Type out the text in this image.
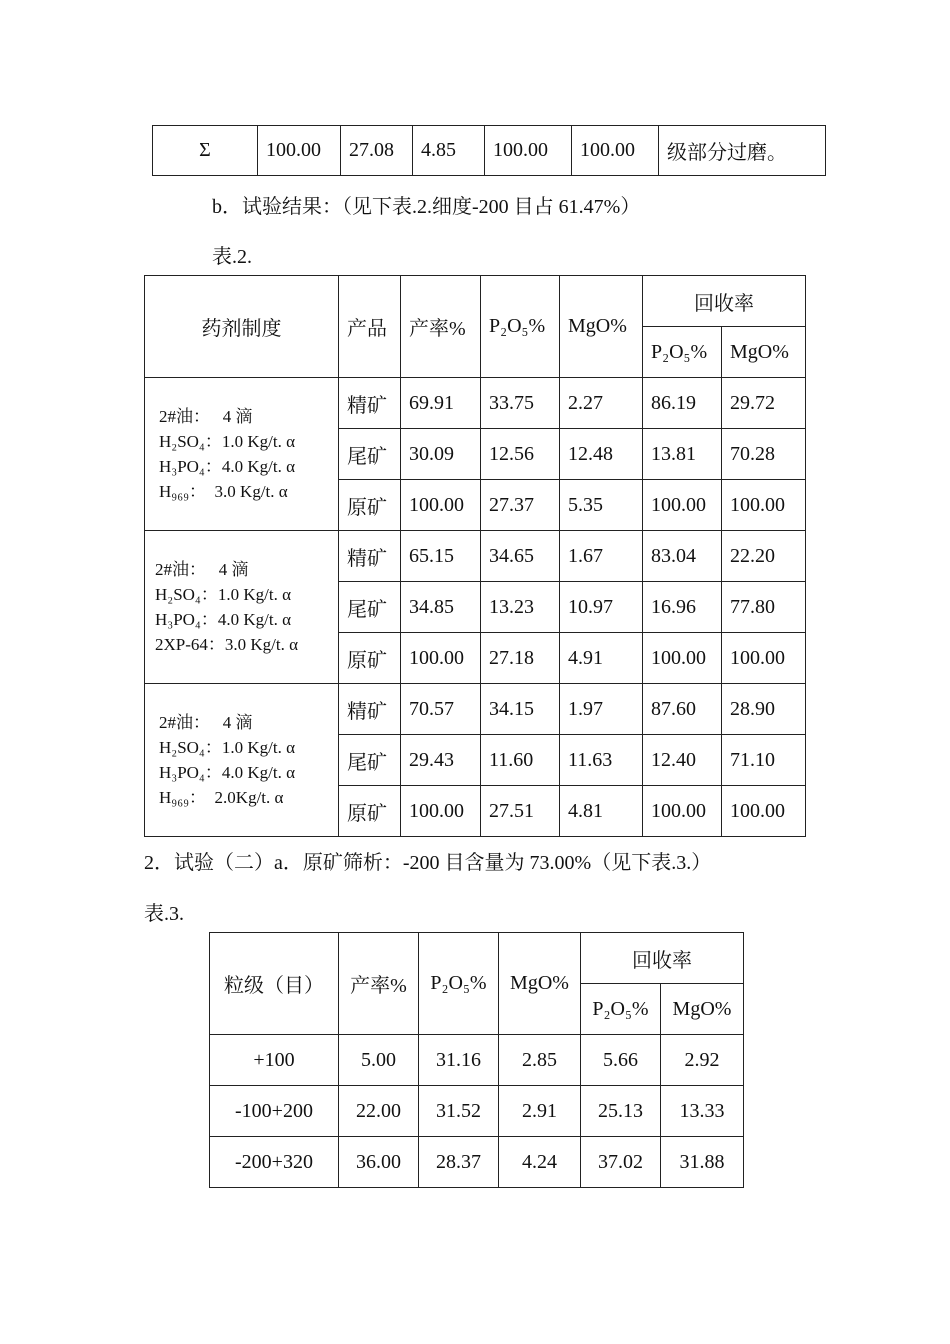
Σ	100.00	27.08	4.85	100.00	100.00	级部分过磨。

b．试验结果：（见下表.2.细度-200 目占 61.47%）

表.2.

药剂制度	产品	产率%	P₂O₅%	MgO%	回收率	
					P₂O₅%	MgO%

2#油：　 4 滴
H₂SO₄：1.0 Kg/t. α
H₃PO₄：4.0 Kg/t. α
H₉₆₉：　3.0 Kg/t. α	精矿	69.91	33.75	2.27	86.19	29.72
	尾矿	30.09	12.56	12.48	13.81	70.28
	原矿	100.00	27.37	5.35	100.00	100.00

2#油：　 4 滴
H₂SO₄：1.0 Kg/t. α
H₃PO₄：4.0 Kg/t. α
2XP-64：3.0 Kg/t. α	精矿	65.15	34.65	1.67	83.04	22.20
	尾矿	34.85	13.23	10.97	16.96	77.80
	原矿	100.00	27.18	4.91	100.00	100.00

2#油：　 4 滴
H₂SO₄：1.0 Kg/t. α
H₃PO₄：4.0 Kg/t. α
H₉₆₉：　2.0Kg/t. α	精矿	70.57	34.15	1.97	87.60	28.90
	尾矿	29.43	11.60	11.63	12.40	71.10
	原矿	100.00	27.51	4.81	100.00	100.00

2．试验（二）a．原矿筛析：-200 目含量为 73.00%（见下表.3.）

表.3.

粒级（目）	产率%	P₂O₅%	MgO%	回收率	
				P₂O₅%	MgO%
+100	5.00	31.16	2.85	5.66	2.92
-100+200	22.00	31.52	2.91	25.13	13.33
-200+320	36.00	28.37	4.24	37.02	31.88
